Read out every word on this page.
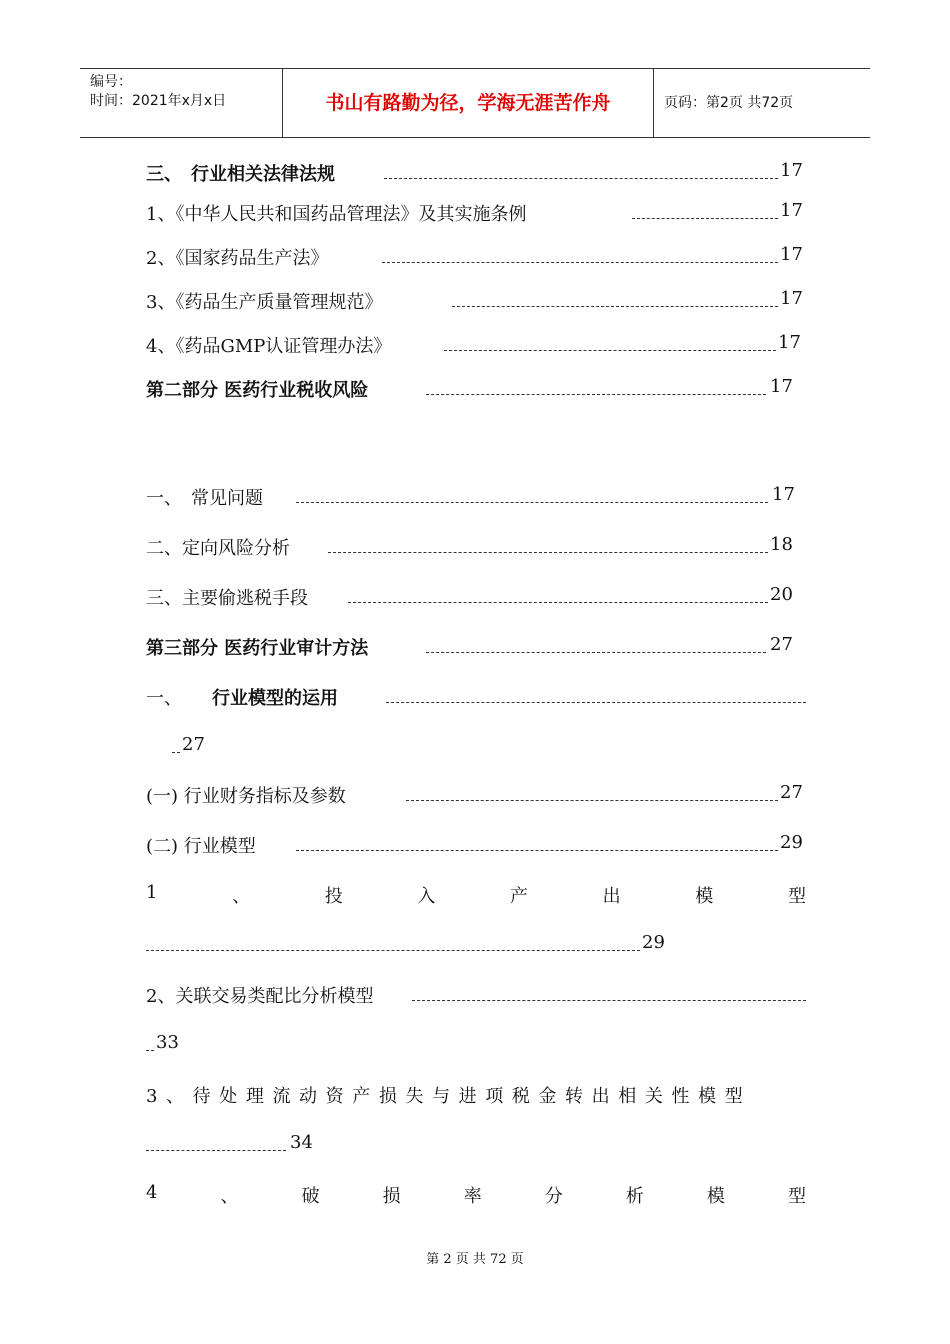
编号：
时间：2021年x月x日	书山有路勤为径，学海无涯苦作舟	页码：第2页 共72页
三、　行业相关法律法规	17
1、《中华人民共和国药品管理法》及其实施条例	17
2、《国家药品生产法》	17
3、《药品生产质量管理规范》	17
4、《药品GMP认证管理办法》	17
第二部分 医药行业税收风险	17
一、　常见问题	17
二、定向风险分析	18
三、主要偷逃税手段	20
第三部分 医药行业审计方法	27
一、 行业模型的运用
27
(一) 行业财务指标及参数	27
(二) 行业模型	29
1	、	投	入	产	出	模	型
29
2、关联交易类配比分析模型
33
3、待处理流动资产损失与进项税金转出相关性模型
34
4	、	破	损	率	分	析	模	型
第 2 页 共 72 页
